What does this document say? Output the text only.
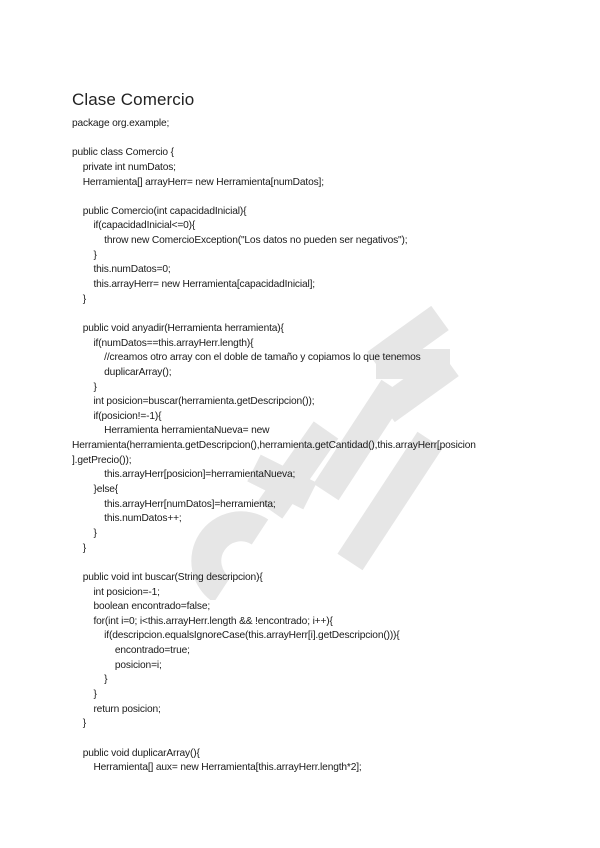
Clase Comercio
package org.example;

public class Comercio {
private int numDatos;
Herramienta[] arrayHerr= new Herramienta[numDatos];

public Comercio(int capacidadInicial){
if(capacidadInicial<=0){
throw new ComercioException("Los datos no pueden ser negativos");
}
this.numDatos=0;
this.arrayHerr= new Herramienta[capacidadInicial];
}

public void anyadir(Herramienta herramienta){
if(numDatos==this.arrayHerr.length){
//creamos otro array con el doble de tamaño y copiamos lo que tenemos
duplicarArray();
}
int posicion=buscar(herramienta.getDescripcion());
if(posicion!=-1){
Herramienta herramientaNueva= new
Herramienta(herramienta.getDescripcion(),herramienta.getCantidad(),this.arrayHerr[posicion
].getPrecio());
this.arrayHerr[posicion]=herramientaNueva;
}else{
this.arrayHerr[numDatos]=herramienta;
this.numDatos++;
}
}

public void int buscar(String descripcion){
int posicion=-1;
boolean encontrado=false;
for(int i=0; i<this.arrayHerr.length && !encontrado; i++){
if(descripcion.equalsIgnoreCase(this.arrayHerr[i].getDescripcion())){
encontrado=true;
posicion=i;
}
}
return posicion;
}

public void duplicarArray(){
Herramienta[] aux= new Herramienta[this.arrayHerr.length*2];
